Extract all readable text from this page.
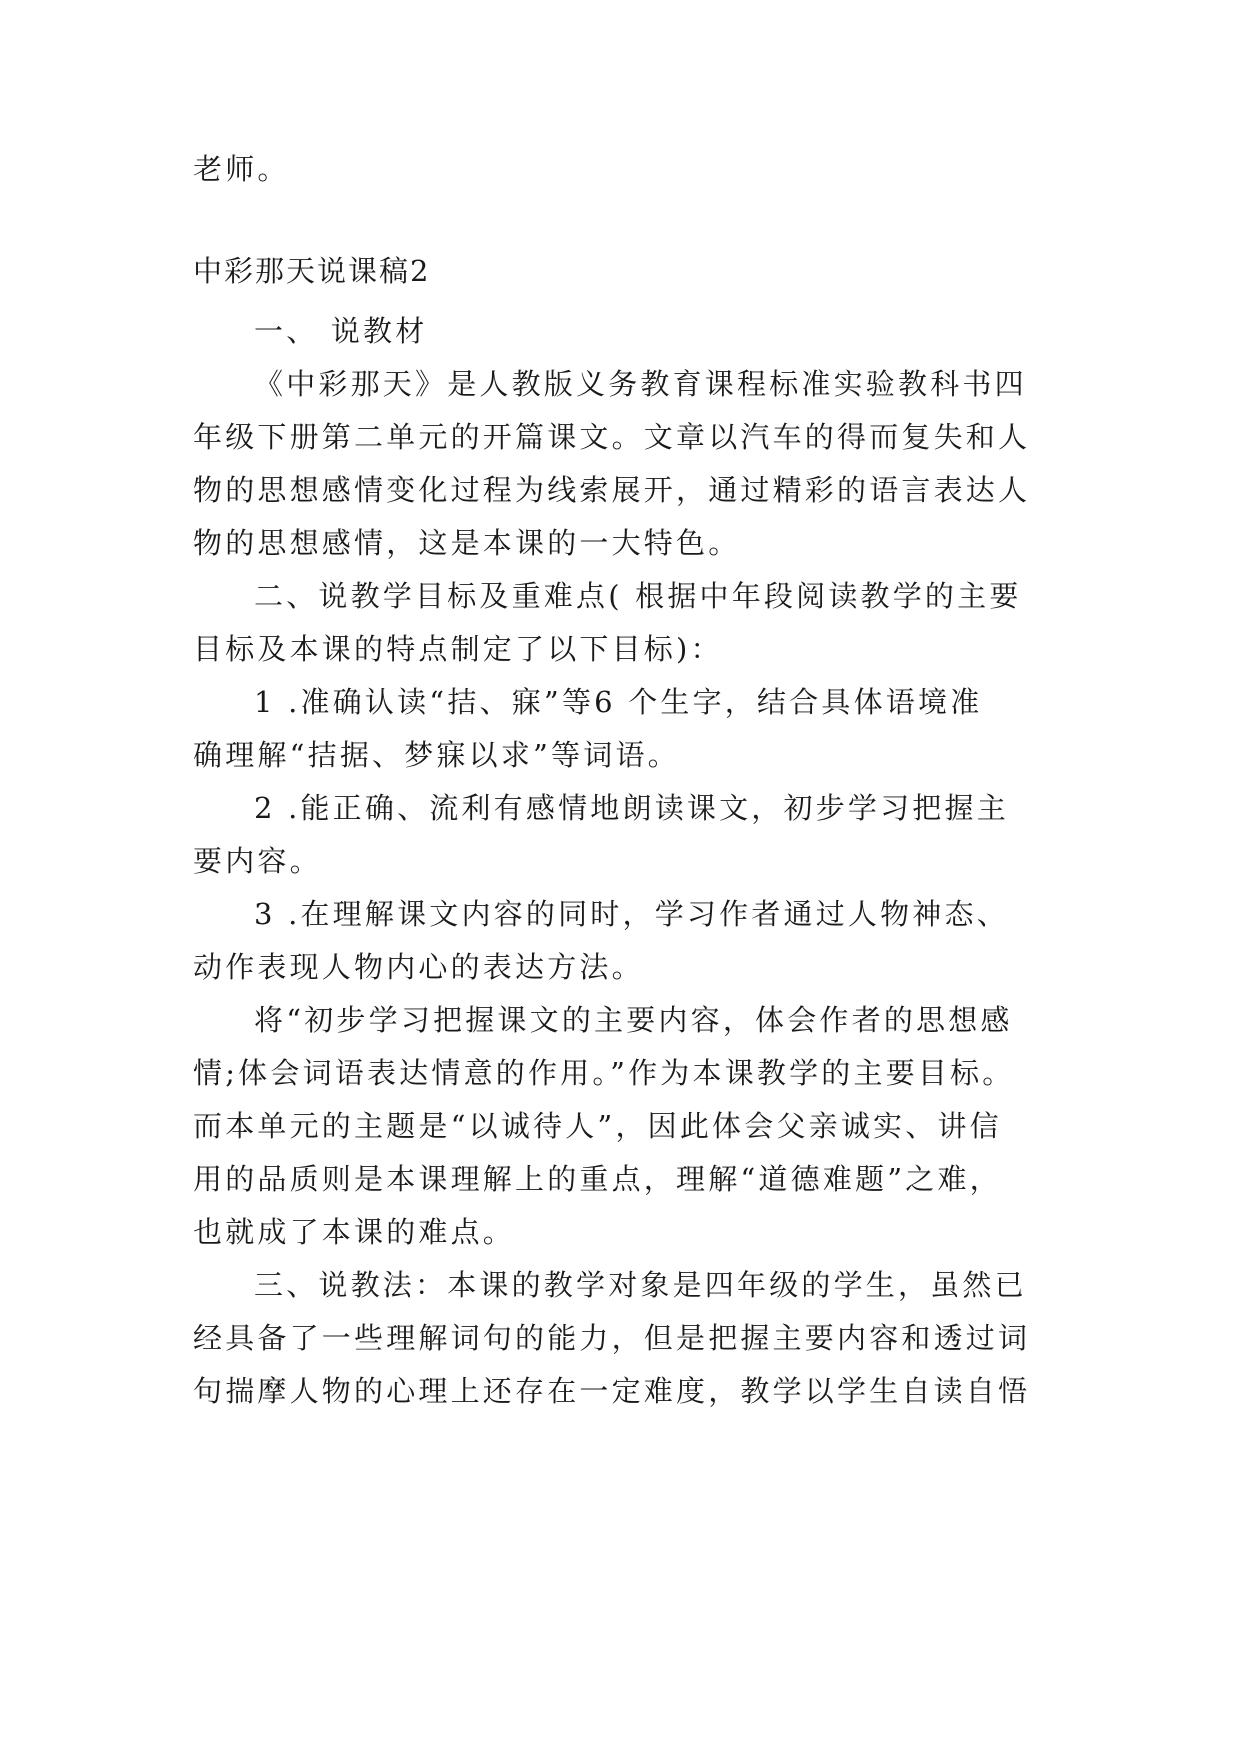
老师。
中彩那天说课稿2
一、 说教材
《中彩那天》是人教版义务教育课程标准实验教科书四
年级下册第二单元的开篇课文。文章以汽车的得而复失和人
物的思想感情变化过程为线索展开，通过精彩的语言表达人
物的思想感情，这是本课的一大特色。
二、说教学目标及重难点( 根据中年段阅读教学的主要
目标及本课的特点制定了以下目标)：
1 .准确认读“拮、寐”等6 个生字，结合具体语境准
确理解“拮据、梦寐以求”等词语。
2 .能正确、流利有感情地朗读课文，初步学习把握主
要内容。
3 .在理解课文内容的同时，学习作者通过人物神态、
动作表现人物内心的表达方法。
将“初步学习把握课文的主要内容，体会作者的思想感
情;体会词语表达情意的作用。”作为本课教学的主要目标。
而本单元的主题是“以诚待人”，因此体会父亲诚实、讲信
用的品质则是本课理解上的重点，理解“道德难题”之难，
也就成了本课的难点。
三、说教法：本课的教学对象是四年级的学生，虽然已
经具备了一些理解词句的能力，但是把握主要内容和透过词
句揣摩人物的心理上还存在一定难度，教学以学生自读自悟
